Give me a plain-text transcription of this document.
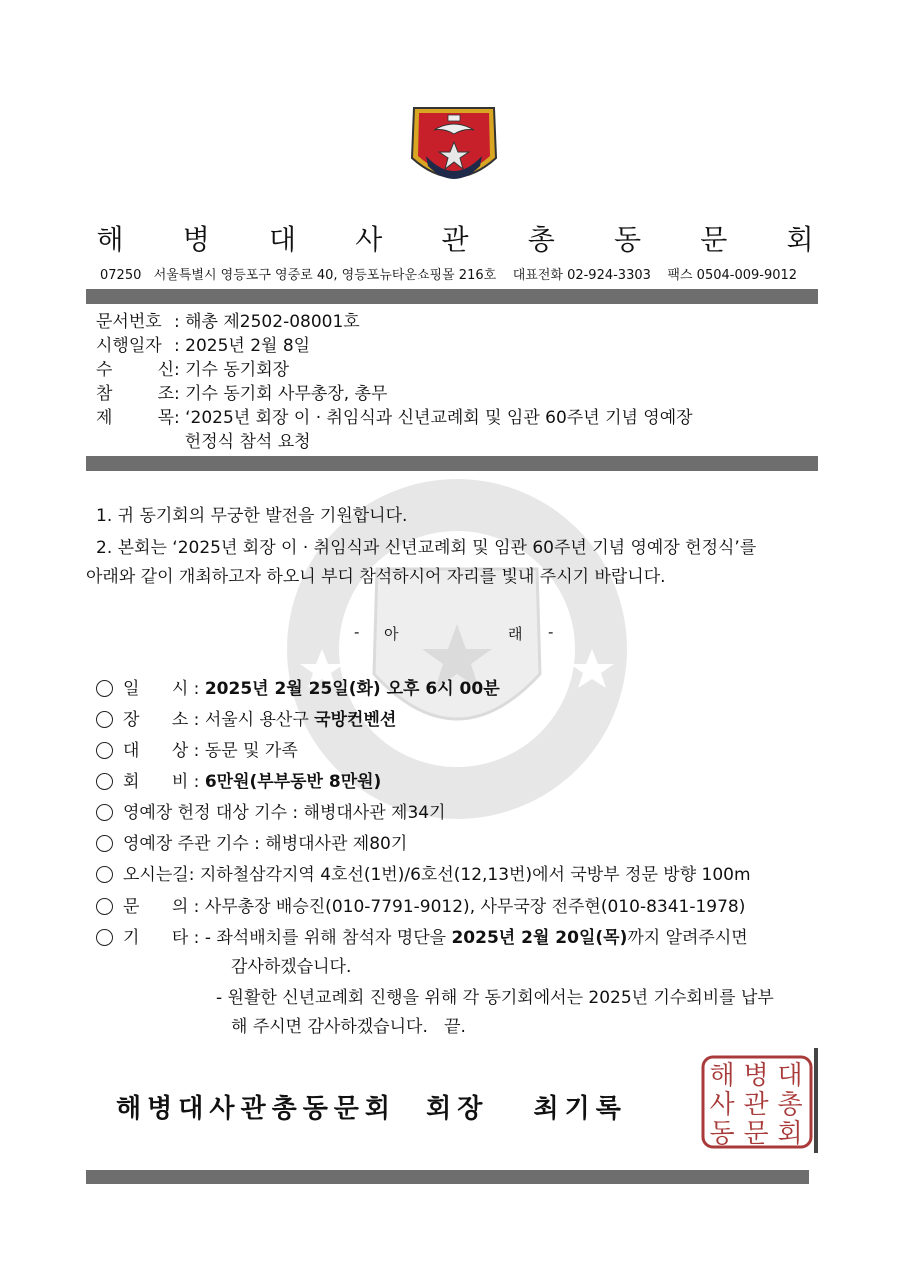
해 병 대 사 관 총 동 문 회
07250   서울특별시 영등포구 영중로 40, 영등포뉴타운쇼핑몰 216호    대표전화 02-924-3303    팩스 0504-009-9012
문서번호 : 해총 제2502-08001호
시행일자 : 2025년 2월 8일
수	신 : 기수 동기회장
참	조 : 기수 동기회 사무총장, 총무
제	목 : ‘2025년 회장 이 · 취임식과 신년교례회 및 임관 60주년 기념 영예장
헌정식 참석 요청
1. 귀 동기회의 무궁한 발전을 기원합니다.
2. 본회는 ‘2025년 회장 이 · 취임식과 신년교례회 및 임관 60주년 기념 영예장 헌정식’를
아래와 같이 개최하고자 하오니 부디 참석하시어 자리를 빛내 주시기 바랍니다.
- 아	래 -
일      시 : 2025년 2월 25일(화) 오후 6시 00분
장      소 : 서울시 용산구 국방컨벤션
대      상 : 동문 및 가족
회      비 : 6만원(부부동반 8만원)
영예장 헌정 대상 기수 : 해병대사관 제34기
영예장 주관 기수 : 해병대사관 제80기
오시는길: 지하철삼각지역 4호선(1번)/6호선(12,13번)에서 국방부 정문 방향 100m
문      의 : 사무총장 배승진(010-7791-9012), 사무국장 전주현(010-8341-1978)
기      타 : - 좌석배치를 위해 참석자 명단을 2025년 2월 20일(목)까지 알려주시면
감사하겠습니다.
- 원활한 신년교례회 진행을 위해 각 동기회에서는 2025년 기수회비를 납부
해 주시면 감사하겠습니다.   끝.
해병대사관총동문회  회장   최기록
해 병 대
사 관 총
동 문 회
